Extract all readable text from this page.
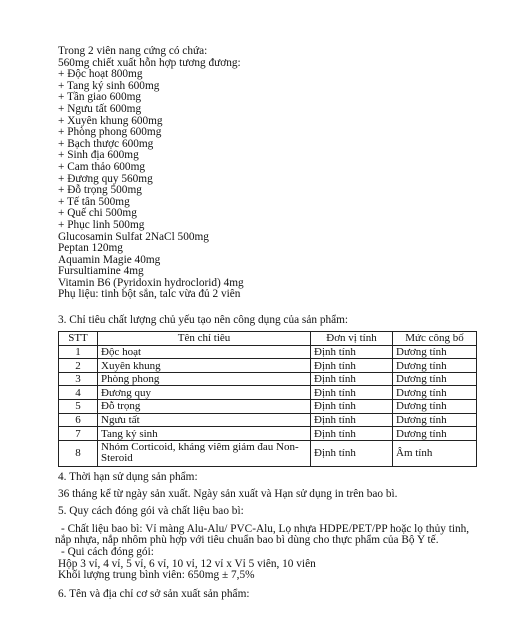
Trong 2 viên nang cứng có chứa:
560mg chiết xuất hỗn hợp tương đương:
+ Độc hoạt 800mg
+ Tang ký sinh 600mg
+ Tần giao 600mg
+ Ngưu tất 600mg
+ Xuyên khung 600mg
+ Phòng phong 600mg
+ Bạch thược 600mg
+ Sinh địa 600mg
+ Cam thảo 600mg
+ Đương quy 560mg
+ Đỗ trọng 500mg
+ Tế tân 500mg
+ Quế chi 500mg
+ Phục linh 500mg
Glucosamin Sulfat 2NaCl 500mg
Peptan 120mg
Aquamin Magie 40mg
Fursultiamine 4mg
Vitamin B6 (Pyridoxin hydroclorid) 4mg
Phụ liệu: tinh bột sắn, talc vừa đủ 2 viên
3. Chỉ tiêu chất lượng chủ yếu tạo nên công dụng của sản phẩm:
STT	Tên chỉ tiêu	Đơn vị tính	Mức công bố
1	Độc hoạt	Định tính	Dương tính
2	Xuyên khung	Định tính	Dương tính
3	Phòng phong	Định tính	Dương tính
4	Đương quy	Định tính	Dương tính
5	Đỗ trọng	Định tính	Dương tính
6	Ngưu tất	Định tính	Dương tính
7	Tang ký sinh	Định tính	Dương tính
8	Nhóm Corticoid, kháng viêm giảm đau Non-Steroid	Định tính	Âm tính
4. Thời hạn sử dụng sản phẩm:
36 tháng kể từ ngày sản xuất. Ngày sản xuất và Hạn sử dụng in trên bao bì.
5. Quy cách đóng gói và chất liệu bao bì:
- Chất liệu bao bì: Vỉ màng Alu-Alu/ PVC-Alu, Lọ nhựa HDPE/PET/PP hoặc lọ thủy tinh,
nắp nhựa, nắp nhôm phù hợp với tiêu chuẩn bao bì dùng cho thực phẩm của Bộ Y tế.
- Qui cách đóng gói:
Hộp 3 vỉ, 4 vỉ, 5 vỉ, 6 vỉ, 10 vỉ, 12 vỉ x Vỉ 5 viên, 10 viên
Khối lượng trung bình viên: 650mg ± 7,5%
6. Tên và địa chỉ cơ sở sản xuất sản phẩm:
